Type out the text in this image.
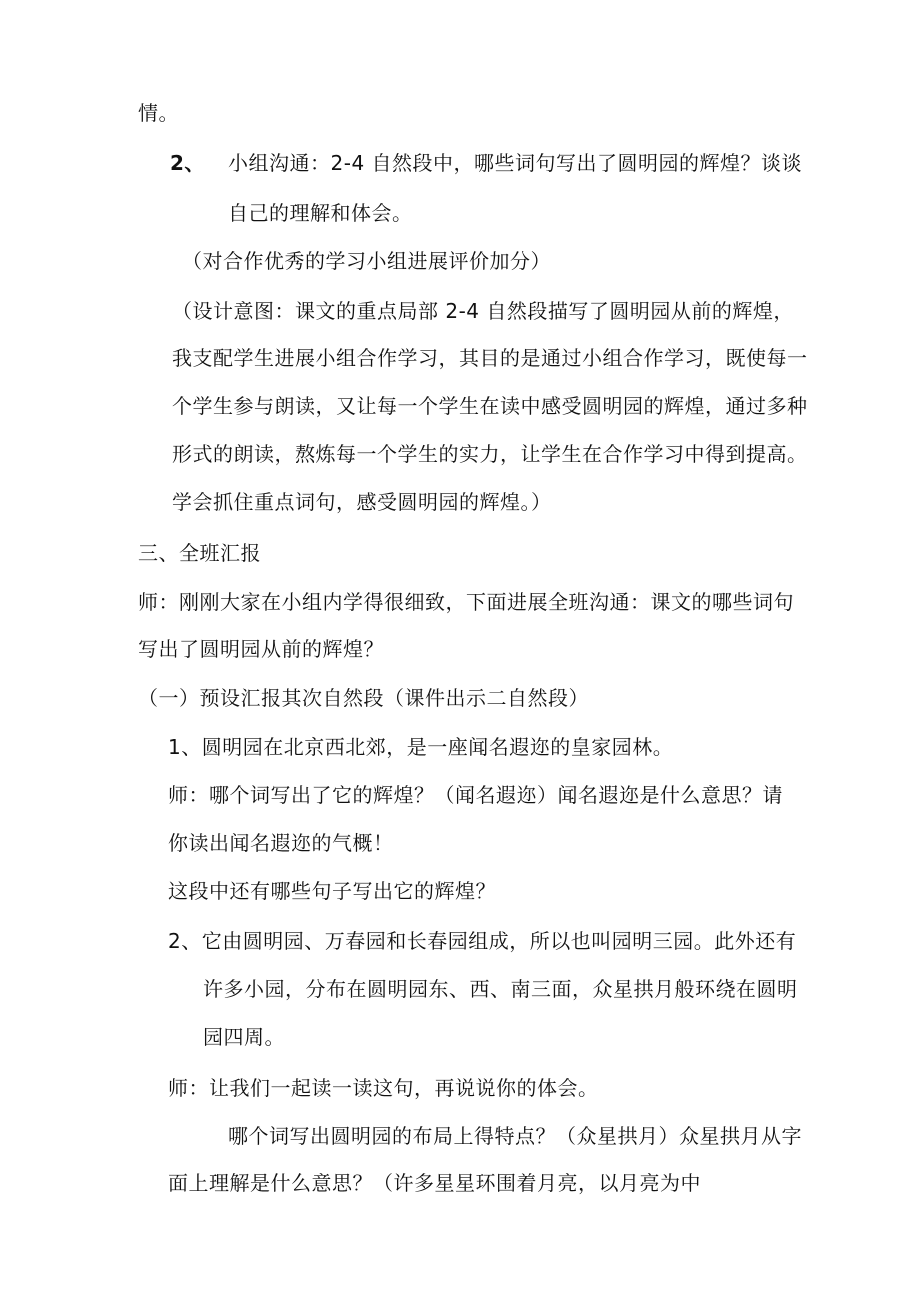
情。
2、 小组沟通：2-4 自然段中，哪些词句写出了圆明园的辉煌？谈谈
自己的理解和体会。
（对合作优秀的学习小组进展评价加分）
（设计意图：课文的重点局部 2-4 自然段描写了圆明园从前的辉煌，
我支配学生进展小组合作学习，其目的是通过小组合作学习，既使每一
个学生参与朗读，又让每一个学生在读中感受圆明园的辉煌，通过多种
形式的朗读，熬炼每一个学生的实力，让学生在合作学习中得到提高。
学会抓住重点词句，感受圆明园的辉煌。）
三、全班汇报
师：刚刚大家在小组内学得很细致，下面进展全班沟通：课文的哪些词句
写出了圆明园从前的辉煌？
（一）预设汇报其次自然段（课件出示二自然段）
1、圆明园在北京西北郊，是一座闻名遐迩的皇家园林。
师：哪个词写出了它的辉煌？（闻名遐迩）闻名遐迩是什么意思？请
你读出闻名遐迩的气概！
这段中还有哪些句子写出它的辉煌？
2、它由圆明园、万春园和长春园组成，所以也叫园明三园。此外还有
许多小园，分布在圆明园东、西、南三面，众星拱月般环绕在圆明
园四周。
师：让我们一起读一读这句，再说说你的体会。
哪个词写出圆明园的布局上得特点？（众星拱月）众星拱月从字
面上理解是什么意思？（许多星星环围着月亮，以月亮为中
